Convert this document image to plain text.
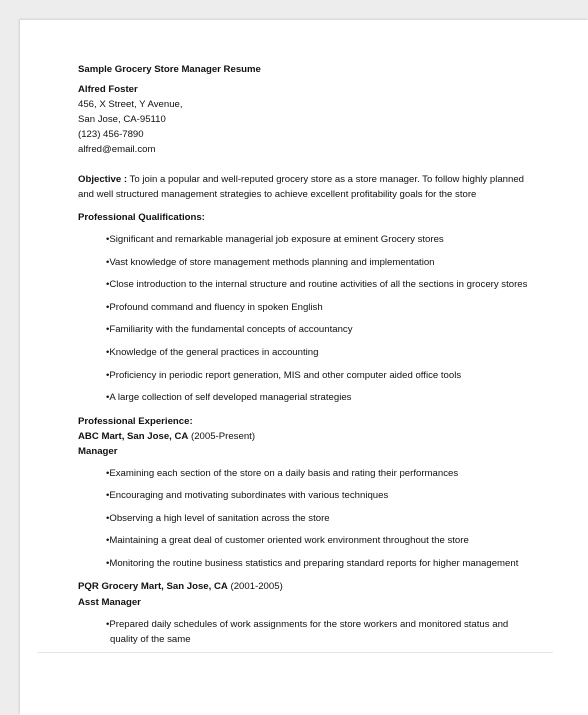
Sample Grocery Store Manager Resume
Alfred Foster
456, X Street, Y Avenue,
San Jose, CA-95110
(123) 456-7890
alfred@email.com
Objective : To join a popular and well-reputed grocery store as a store manager. To follow highly planned
and well structured management strategies to achieve excellent profitability goals for the store
Professional Qualifications:
•Significant and remarkable managerial job exposure at eminent Grocery stores
•Vast knowledge of store management methods planning and implementation
•Close introduction to the internal structure and routine activities of all the sections in grocery stores
•Profound command and fluency in spoken English
•Familiarity with the fundamental concepts of accountancy
•Knowledge of the general practices in accounting
•Proficiency in periodic report generation, MIS and other computer aided office tools
•A large collection of self developed managerial strategies
Professional Experience:
ABC Mart, San Jose, CA (2005-Present)
Manager
•Examining each section of the store on a daily basis and rating their performances
•Encouraging and motivating subordinates with various techniques
•Observing a high level of sanitation across the store
•Maintaining a great deal of customer oriented work environment throughout the store
•Monitoring the routine business statistics and preparing standard reports for higher management
PQR Grocery Mart, San Jose, CA (2001-2005)
Asst Manager
•Prepared daily schedules of work assignments for the store workers and monitored status and
quality of the same
